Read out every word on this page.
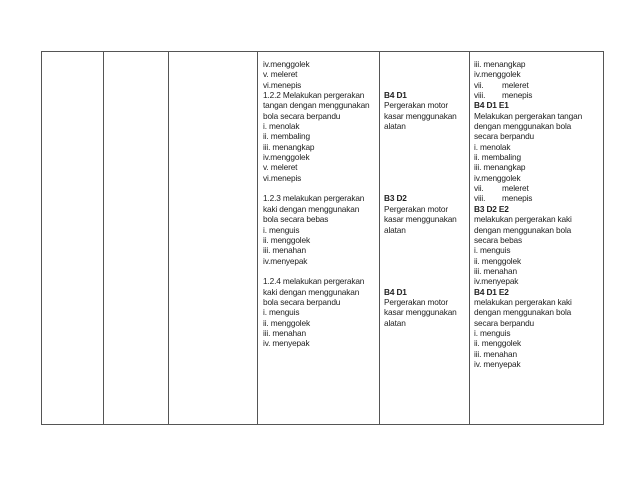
iv.menggolek
v. meleret
vi.menepis
1.2.2 Melakukan pergerakan
tangan dengan menggunakan
bola secara berpandu
i. menolak
ii. membaling
iii. menangkap
iv.menggolek
v. meleret
vi.menepis
1.2.3 melakukan pergerakan
kaki dengan menggunakan
bola secara bebas
i. menguis
ii. menggolek
iii. menahan
iv.menyepak
1.2.4 melakukan pergerakan
kaki dengan menggunakan
bola secara berpandu
i. menguis
ii. menggolek
iii. menahan
iv. menyepak
B4 D1
Pergerakan motor
kasar menggunakan
alatan
B3 D2
Pergerakan motor
kasar menggunakan
alatan
B4 D1
Pergerakan motor
kasar menggunakan
alatan
iii. menangkap
iv.menggolek
vii. meleret
viii. menepis
B4 D1 E1
Melakukan pergerakan tangan
dengan menggunakan bola
secara berpandu
i. menolak
ii. membaling
iii. menangkap
iv.menggolek
vii. meleret
viii. menepis
B3 D2 E2
melakukan pergerakan kaki
dengan menggunakan bola
secara bebas
i. menguis
ii. menggolek
iii. menahan
iv.menyepak
B4 D1 E2
melakukan pergerakan kaki
dengan menggunakan bola
secara berpandu
i. menguis
ii. menggolek
iii. menahan
iv. menyepak
